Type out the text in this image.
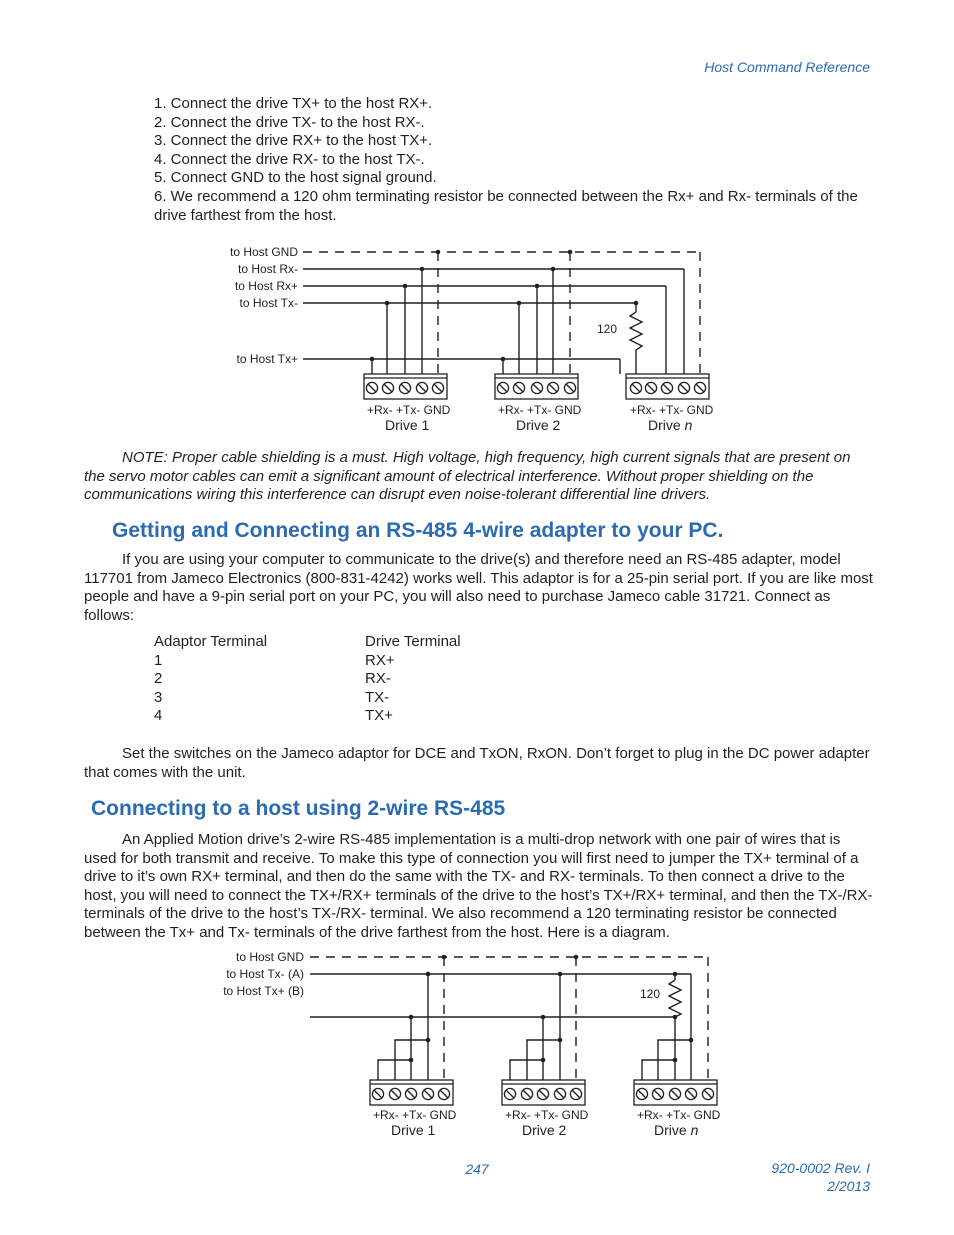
Host Command Reference
1. Connect the drive TX+ to the host RX+.
2. Connect the drive TX- to the host RX-.
3. Connect the drive RX+ to the host TX+.
4. Connect the drive RX- to the host TX-.
5. Connect GND to the host signal ground.
6. We recommend a 120 ohm terminating resistor be connected between the Rx+ and Rx- terminals of the drive farthest from the host.
to Host GND
to Host Rx-
to Host Rx+
to Host Tx-
to Host Tx+
120
+Rx- +Tx- GND	+Rx- +Tx- GND	+Rx- +Tx- GND
Drive 1	Drive 2	Drive n
to Host GND
to Host Tx- (A)
to Host Tx+ (B)	120
+Rx- +Tx- GND	+Rx- +Tx- GND	+Rx- +Tx- GND
Drive 1	Drive 2	Drive n
NOTE: Proper cable shielding is a must. High voltage, high frequency, high current signals that are present on the servo motor cables can emit a significant amount of electrical interference. Without proper shielding on the communications wiring this interference can disrupt even noise-tolerant differential line drivers.
Getting and Connecting an RS-485 4-wire adapter to your PC.
If you are using your computer to communicate to the drive(s) and therefore need an RS-485 adapter, model 117701 from Jameco Electronics (800-831-4242) works well. This adaptor is for a 25-pin serial port. If you are like most people and have a 9-pin serial port on your PC, you will also need to purchase Jameco cable 31721. Connect as follows:
Adaptor Terminal	Drive Terminal
1	RX+
2	RX-
3	TX-
4	TX+
Set the switches on the Jameco adaptor for DCE and TxON, RxON. Don’t forget to plug in the DC power adapter that comes with the unit.
Connecting to a host using 2-wire RS-485
An Applied Motion drive’s 2-wire RS-485 implementation is a multi-drop network with one pair of wires that is used for both transmit and receive. To make this type of connection you will first need to jumper the TX+ terminal of a drive to it’s own RX+ terminal, and then do the same with the TX- and RX- terminals. To then connect a drive to the host, you will need to connect the TX+/RX+ terminals of the drive to the host’s TX+/RX+ terminal, and then the TX-/RX- terminals of the drive to the host’s TX-/RX- terminal. We also recommend a 120 terminating resistor be connected between the Tx+ and Tx- terminals of the drive farthest from the host. Here is a diagram.
247	920-0002 Rev. I
2/2013
